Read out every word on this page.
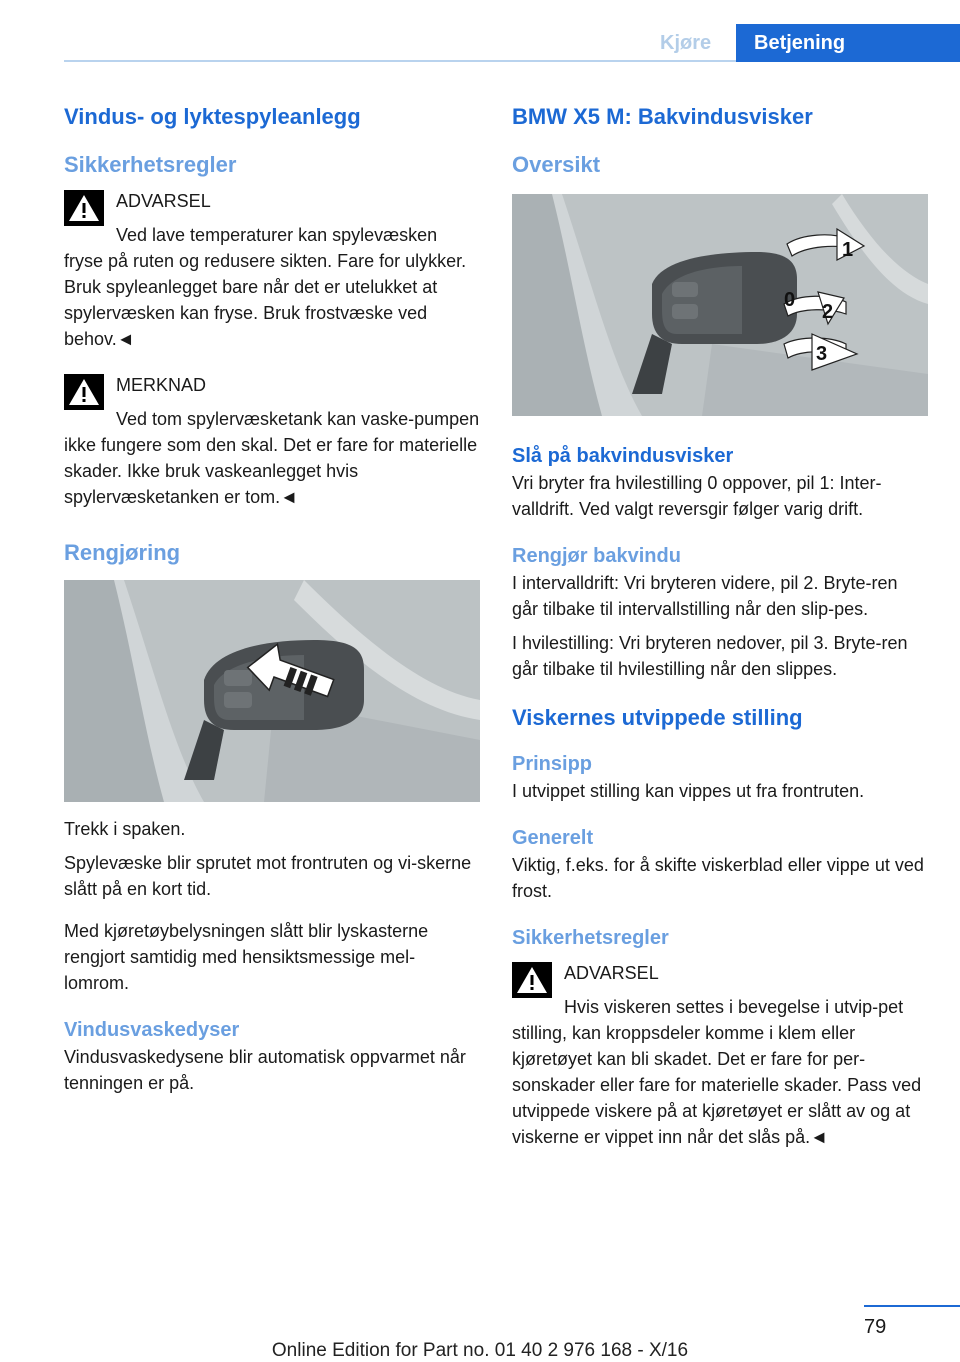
Kjøre	Betjening
Vindus- og lyktespyleanlegg
Sikkerhetsregler
ADVARSEL

Ved lave temperaturer kan spylevæsken fryse på ruten og redusere sikten. Fare for ulykker. Bruk spyleanlegget bare når det er utelukket at spylervæsken kan fryse. Bruk frostvæske ved behov.◄

MERKNAD

Ved tom spylervæsketank kan vaske-pumpen ikke fungere som den skal. Det er fare for materielle skader. Ikke bruk vaskeanlegget hvis spylervæsketanken er tom.◄

Rengjøring

Trekk i spaken.

Spylevæske blir sprutet mot frontruten og vi-skerne slått på en kort tid.

Med kjøretøybelysningen slått blir lyskasterne rengjort samtidig med hensiktsmessige mel-lomrom.

Vindusvaskedyser

Vindusvaskedysene blir automatisk oppvarmet når tenningen er på.

BMW X5 M: Bakvindusvisker
Oversikt
1
0
2
3
Slå på bakvindusvisker

Vri bryter fra hvilestilling 0 oppover, pil 1: Inter-valldrift. Ved valgt reversgir følger varig drift.

Rengjør bakvindu

I intervalldrift: Vri bryteren videre, pil 2. Bryte-ren går tilbake til intervallstilling når den slip-pes.

I hvilestilling: Vri bryteren nedover, pil 3. Bryte-ren går tilbake til hvilestilling når den slippes.

Viskernes utvippede stilling
Prinsipp

I utvippet stilling kan vippes ut fra frontruten.

Generelt

Viktig, f.eks. for å skifte viskerblad eller vippe ut ved frost.

Sikkerhetsregler
ADVARSEL

Hvis viskeren settes i bevegelse i utvip-pet stilling, kan kroppsdeler komme i klem eller kjøretøyet kan bli skadet. Det er fare for per-sonskader eller fare for materielle skader. Pass ved utvippede viskere på at kjøretøyet er slått av og at viskerne er vippet inn når det slås på.◄

79
Online Edition for Part no. 01 40 2 976 168 - X/16
